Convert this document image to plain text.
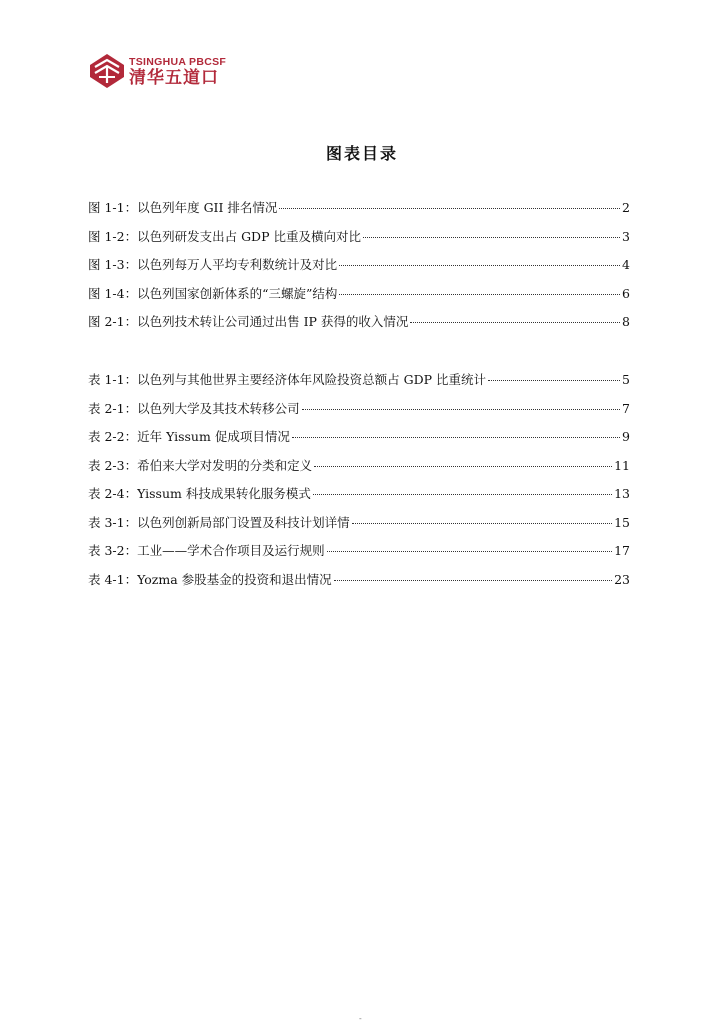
TSINGHUA PBCSF
清华五道口
图表目录
图 1-1：以色列年度 GII 排名情况	2
图 1-2：以色列研发支出占 GDP 比重及横向对比	3
图 1-3：以色列每万人平均专利数统计及对比	4
图 1-4：以色列国家创新体系的“三螺旋”结构	6
图 2-1：以色列技术转让公司通过出售 IP 获得的收入情况	8
表 1-1：以色列与其他世界主要经济体年风险投资总额占 GDP 比重统计	5
表 2-1：以色列大学及其技术转移公司	7
表 2-2：近年 Yissum 促成项目情况	9
表 2-3：希伯来大学对发明的分类和定义	11
表 2-4：Yissum 科技成果转化服务模式	13
表 3-1：以色列创新局部门设置及科技计划详情	15
表 3-2：工业——学术合作项目及运行规则	17
表 4-1：Yozma 参股基金的投资和退出情况	23
-
